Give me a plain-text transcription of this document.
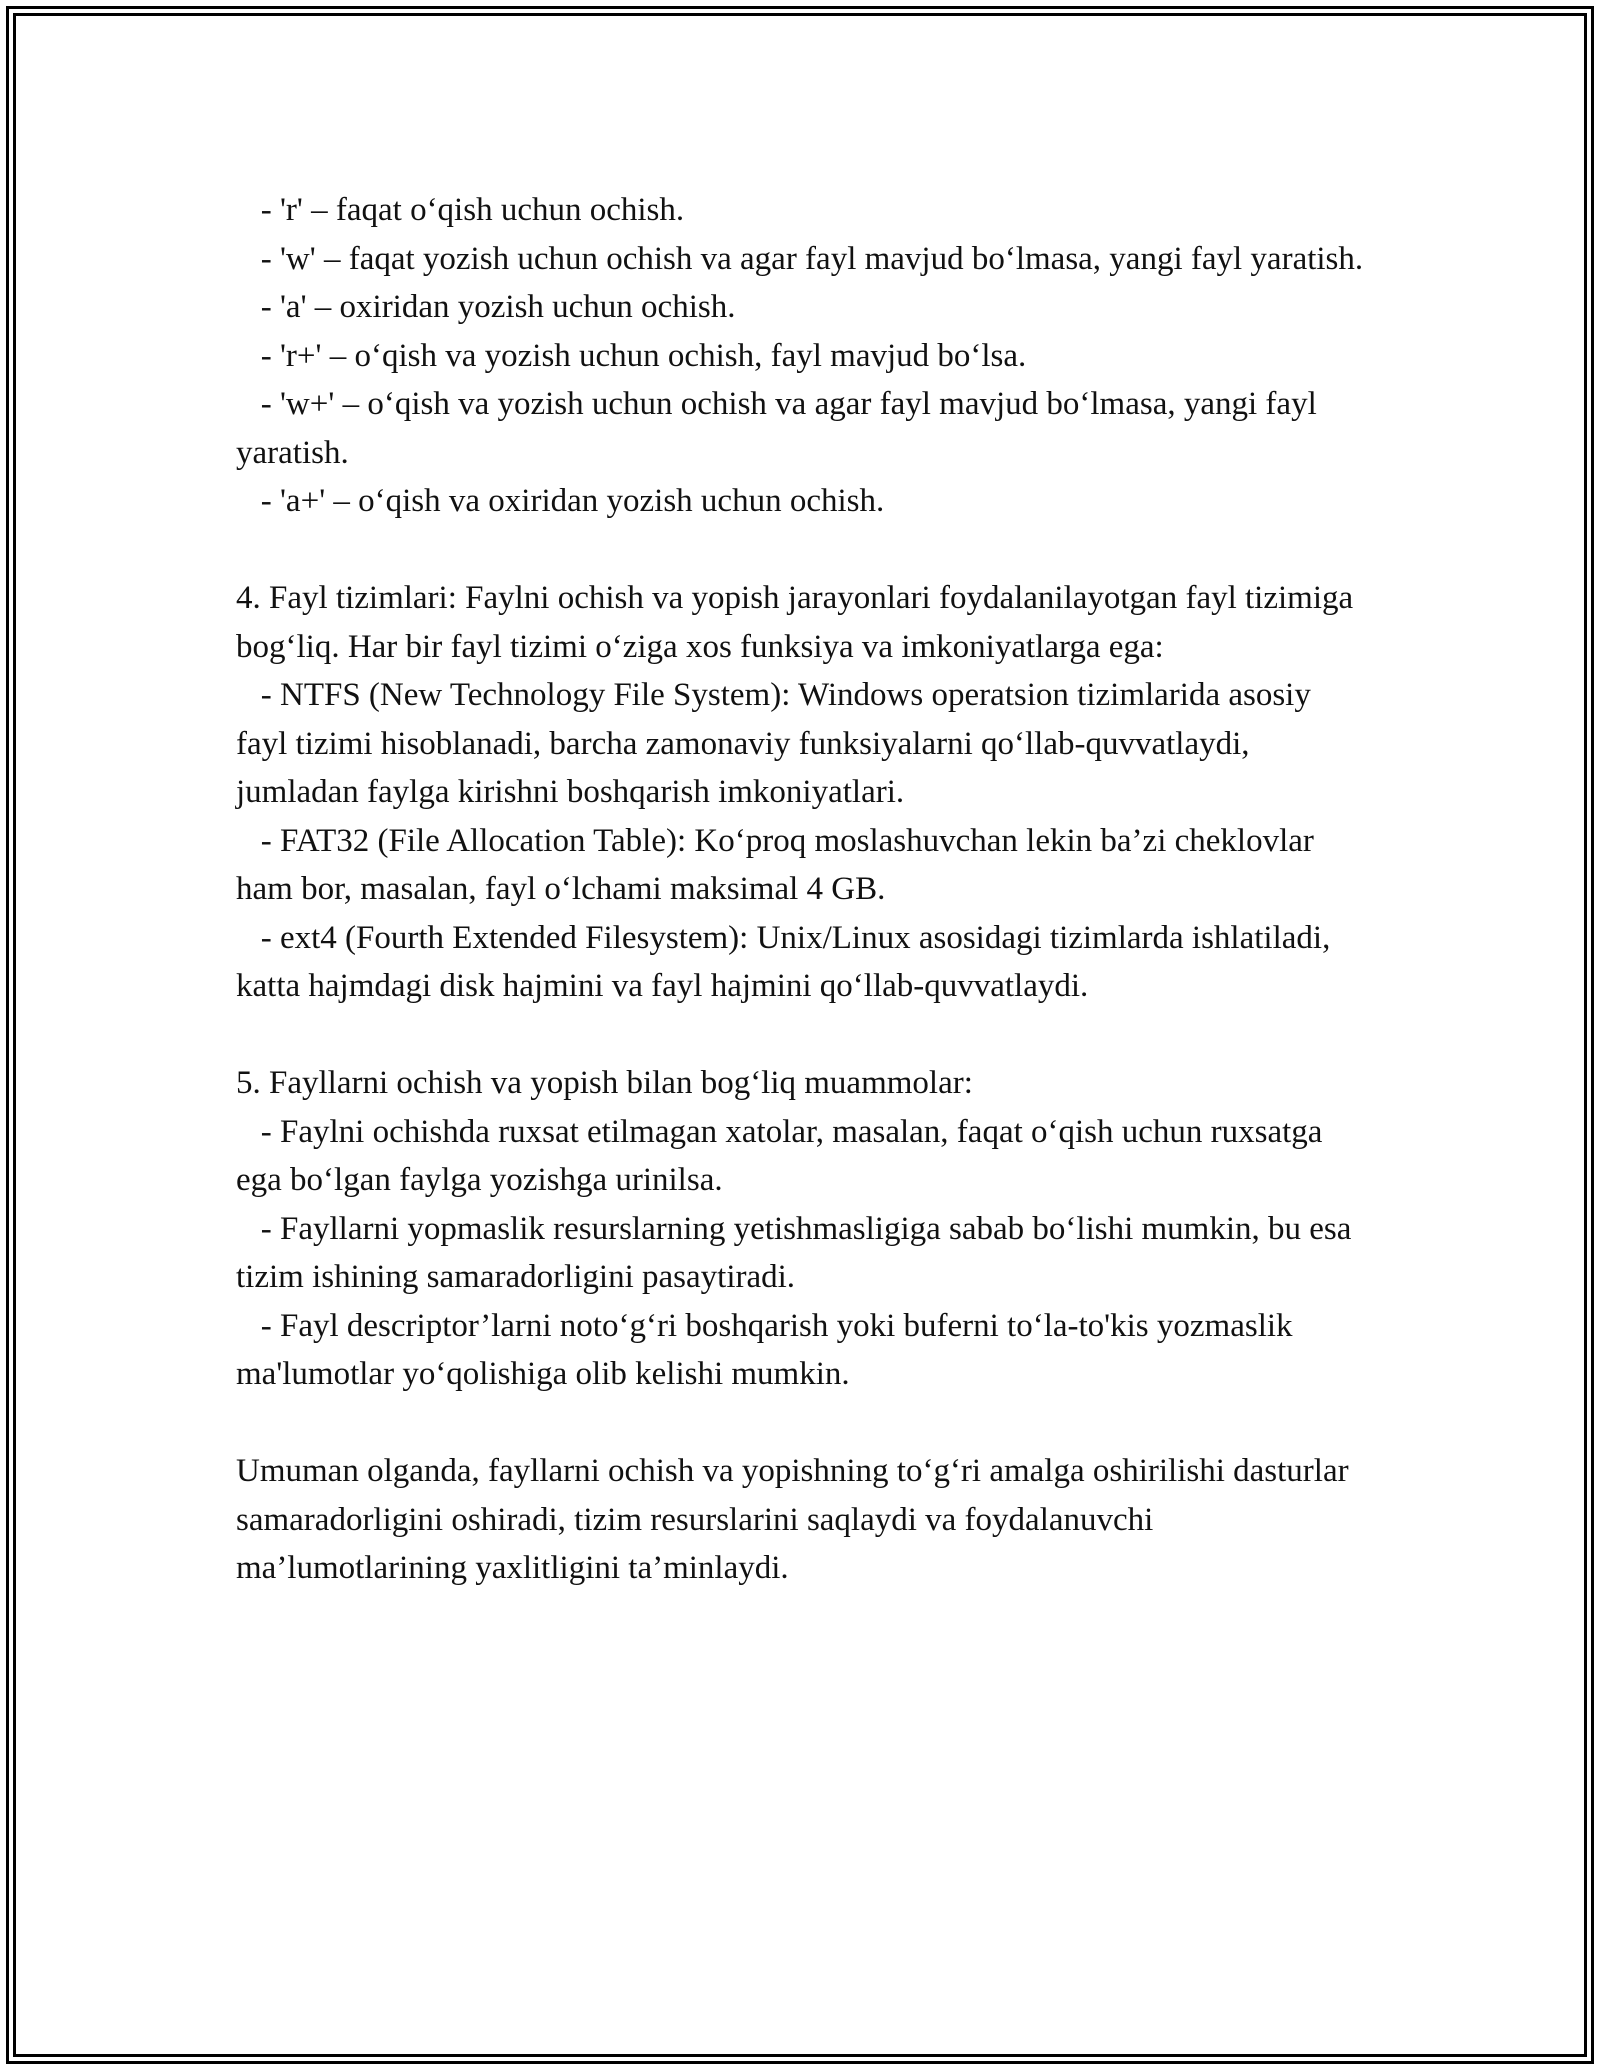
- 'r' – faqat o‘qish uchun ochish.

- 'w' – faqat yozish uchun ochish va agar fayl mavjud bo‘lmasa, yangi fayl yaratish.

- 'a' – oxiridan yozish uchun ochish.

- 'r+' – o‘qish va yozish uchun ochish, fayl mavjud bo‘lsa.

- 'w+' – o‘qish va yozish uchun ochish va agar fayl mavjud bo‘lmasa, yangi fayl yaratish.

- 'a+' – o‘qish va oxiridan yozish uchun ochish.

4. Fayl tizimlari: Faylni ochish va yopish jarayonlari foydalanilayotgan fayl tizimiga bog‘liq. Har bir fayl tizimi o‘ziga xos funksiya va imkoniyatlarga ega:

- NTFS (New Technology File System): Windows operatsion tizimlarida asosiy fayl tizimi hisoblanadi, barcha zamonaviy funksiyalarni qo‘llab-quvvatlaydi, jumladan faylga kirishni boshqarish imkoniyatlari.

- FAT32 (File Allocation Table): Ko‘proq moslashuvchan lekin ba’zi cheklovlar ham bor, masalan, fayl o‘lchami maksimal 4 GB.

- ext4 (Fourth Extended Filesystem): Unix/Linux asosidagi tizimlarda ishlatiladi, katta hajmdagi disk hajmini va fayl hajmini qo‘llab-quvvatlaydi.

5. Fayllarni ochish va yopish bilan bog‘liq muammolar:

- Faylni ochishda ruxsat etilmagan xatolar, masalan, faqat o‘qish uchun ruxsatga ega bo‘lgan faylga yozishga urinilsa.

- Fayllarni yopmaslik resurslarning yetishmasligiga sabab bo‘lishi mumkin, bu esa tizim ishining samaradorligini pasaytiradi.

- Fayl descriptor’larni noto‘g‘ri boshqarish yoki buferni to‘la-to'kis yozmaslik ma'lumotlar yo‘qolishiga olib kelishi mumkin.

Umuman olganda, fayllarni ochish va yopishning to‘g‘ri amalga oshirilishi dasturlar samaradorligini oshiradi, tizim resurslarini saqlaydi va foydalanuvchi ma’lumotlarining yaxlitligini ta’minlaydi.
